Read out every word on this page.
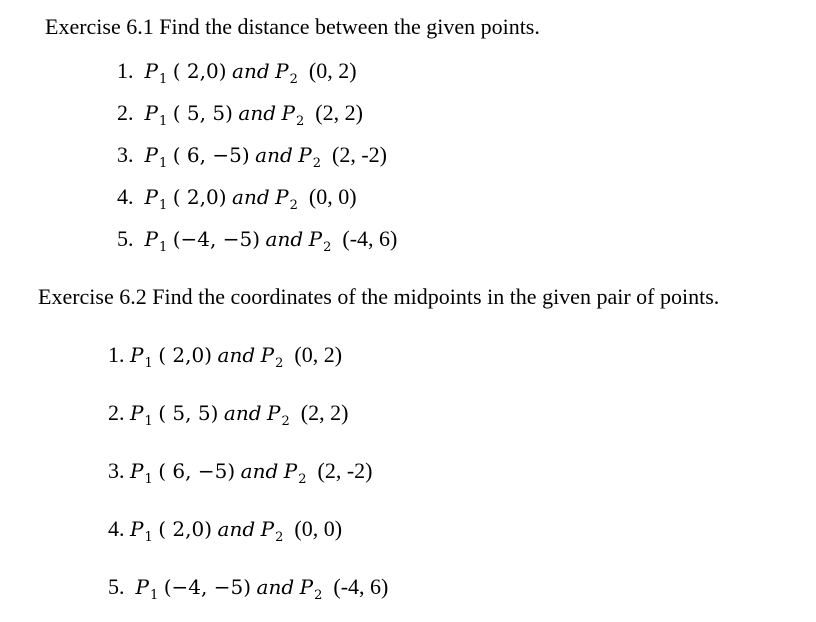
Exercise 6.1 Find the distance between the given points.
1. $P_1$ ( 2,0) and $P_2$ (0, 2)
2. $P_1$ ( 5, 5) and $P_2$ (2, 2)
3. $P_1$ ( 6, −5) and $P_2$ (2, -2)
4. $P_1$ ( 2,0) and $P_2$ (0, 0)
5. $P_1$ (−4, −5) and $P_2$ (-4, 6)
Exercise 6.2 Find the coordinates of the midpoints in the given pair of points.
1. $P_1$ ( 2,0) and $P_2$ (0, 2)
2. $P_1$ ( 5, 5) and $P_2$ (2, 2)
3. $P_1$ ( 6, −5) and $P_2$ (2, -2)
4. $P_1$ ( 2,0) and $P_2$ (0, 0)
5. $P_1$ (−4, −5) and $P_2$ (-4, 6)
